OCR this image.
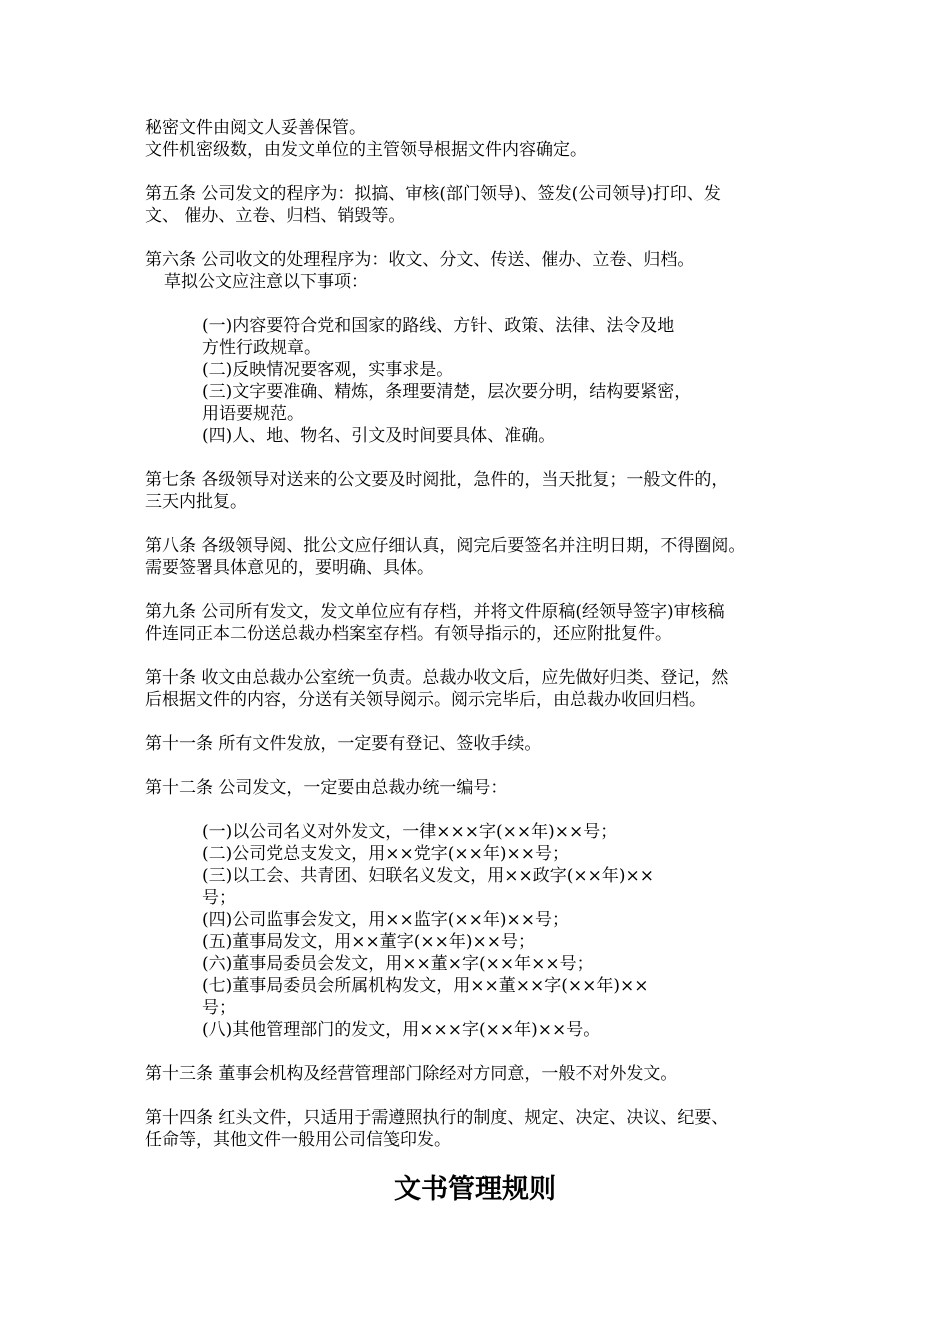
秘密文件由阅文人妥善保管。
文件机密级数，由发文单位的主管领导根据文件内容确定。
第五条 公司发文的程序为：拟搞、审核(部门领导)、签发(公司领导)打印、发
文、 催办、立卷、归档、销毁等。
第六条 公司收文的处理程序为：收文、分文、传送、催办、立卷、归档。
草拟公文应注意以下事项：
(一)内容要符合党和国家的路线、方针、政策、法律、法令及地
方性行政规章。
(二)反映情况要客观，实事求是。
(三)文字要准确、精炼，条理要清楚，层次要分明，结构要紧密，
用语要规范。
(四)人、地、物名、引文及时间要具体、准确。
第七条 各级领导对送来的公文要及时阅批，急件的，当天批复；一般文件的，
三天内批复。
第八条 各级领导阅、批公文应仔细认真，阅完后要签名并注明日期，不得圈阅。
需要签署具体意见的，要明确、具体。
第九条 公司所有发文，发文单位应有存档，并将文件原稿(经领导签字)审核稿
件连同正本二份送总裁办档案室存档。有领导指示的，还应附批复件。
第十条 收文由总裁办公室统一负责。总裁办收文后，应先做好归类、登记，然
后根据文件的内容，分送有关领导阅示。阅示完毕后，由总裁办收回归档。
第十一条 所有文件发放，一定要有登记、签收手续。
第十二条 公司发文，一定要由总裁办统一编号：
(一)以公司名义对外发文，一律×××字(××年)××号；
(二)公司党总支发文，用××党字(××年)××号；
(三)以工会、共青团、妇联名义发文，用××政字(××年)××
号；
(四)公司监事会发文，用××监字(××年)××号；
(五)董事局发文，用××董字(××年)××号；
(六)董事局委员会发文，用××董×字(××年××号；
(七)董事局委员会所属机构发文，用××董××字(××年)××
号；
(八)其他管理部门的发文，用×××字(××年)××号。
第十三条 董事会机构及经营管理部门除经对方同意，一般不对外发文。
第十四条 红头文件，只适用于需遵照执行的制度、规定、决定、决议、纪要、
任命等，其他文件一般用公司信笺印发。
文书管理规则
